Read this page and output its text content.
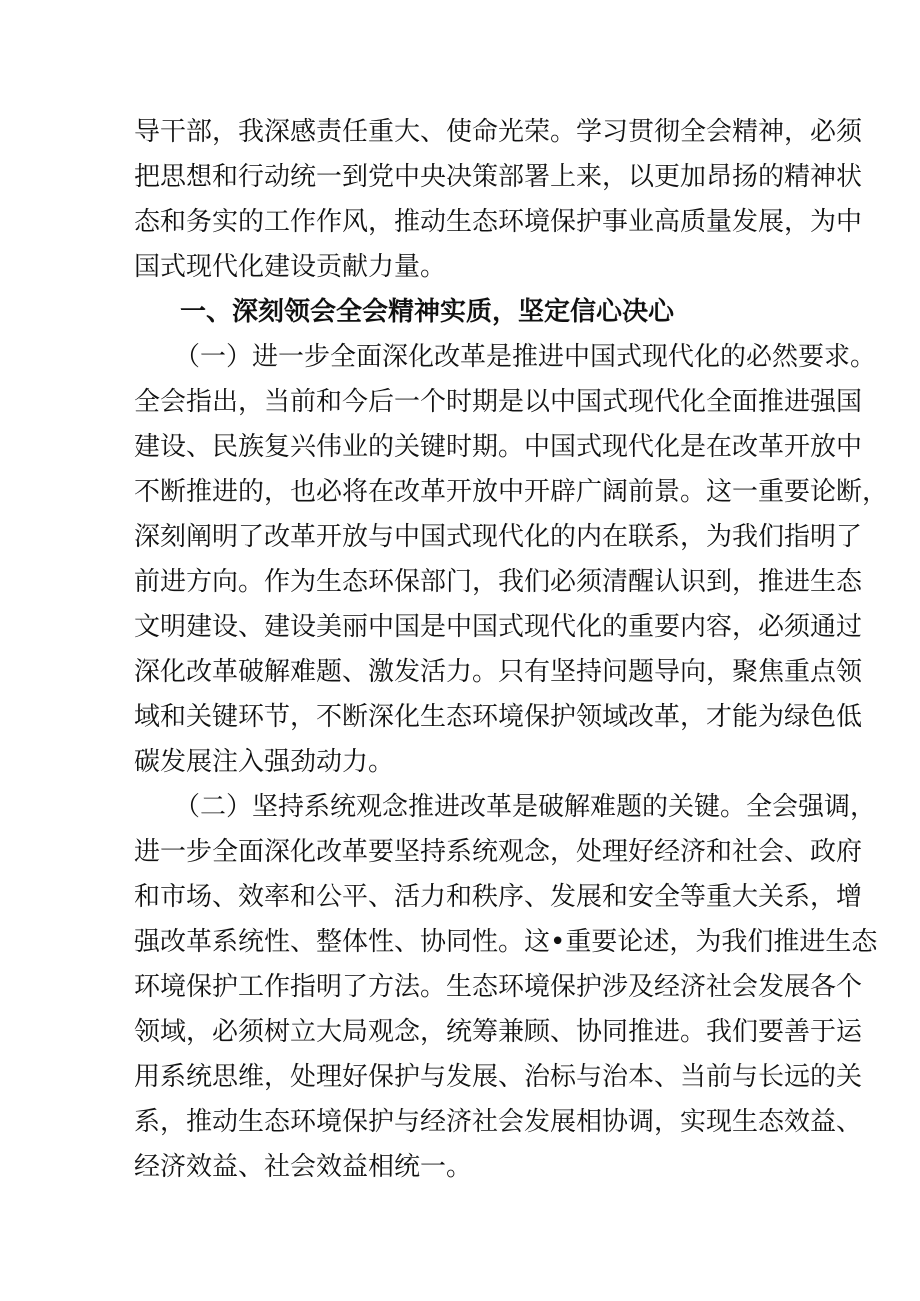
导干部，我深感责任重大、使命光荣。学习贯彻全会精神，必须
把思想和行动统一到党中央决策部署上来，以更加昂扬的精神状
态和务实的工作作风，推动生态环境保护事业高质量发展，为中
国式现代化建设贡献力量。
一、深刻领会全会精神实质，坚定信心决心
（一）进一步全面深化改革是推进中国式现代化的必然要求。
全会指出，当前和今后一个时期是以中国式现代化全面推进强国
建设、民族复兴伟业的关键时期。中国式现代化是在改革开放中
不断推进的，也必将在改革开放中开辟广阔前景。这一重要论断，
深刻阐明了改革开放与中国式现代化的内在联系，为我们指明了
前进方向。作为生态环保部门，我们必须清醒认识到，推进生态
文明建设、建设美丽中国是中国式现代化的重要内容，必须通过
深化改革破解难题、激发活力。只有坚持问题导向，聚焦重点领
域和关键环节，不断深化生态环境保护领域改革，才能为绿色低
碳发展注入强劲动力。
（二）坚持系统观念推进改革是破解难题的关键。全会强调，
进一步全面深化改革要坚持系统观念，处理好经济和社会、政府
和市场、效率和公平、活力和秩序、发展和安全等重大关系，增
强改革系统性、整体性、协同性。这•重要论述，为我们推进生态
环境保护工作指明了方法。生态环境保护涉及经济社会发展各个
领域，必须树立大局观念，统筹兼顾、协同推进。我们要善于运
用系统思维，处理好保护与发展、治标与治本、当前与长远的关
系，推动生态环境保护与经济社会发展相协调，实现生态效益、
经济效益、社会效益相统一。
